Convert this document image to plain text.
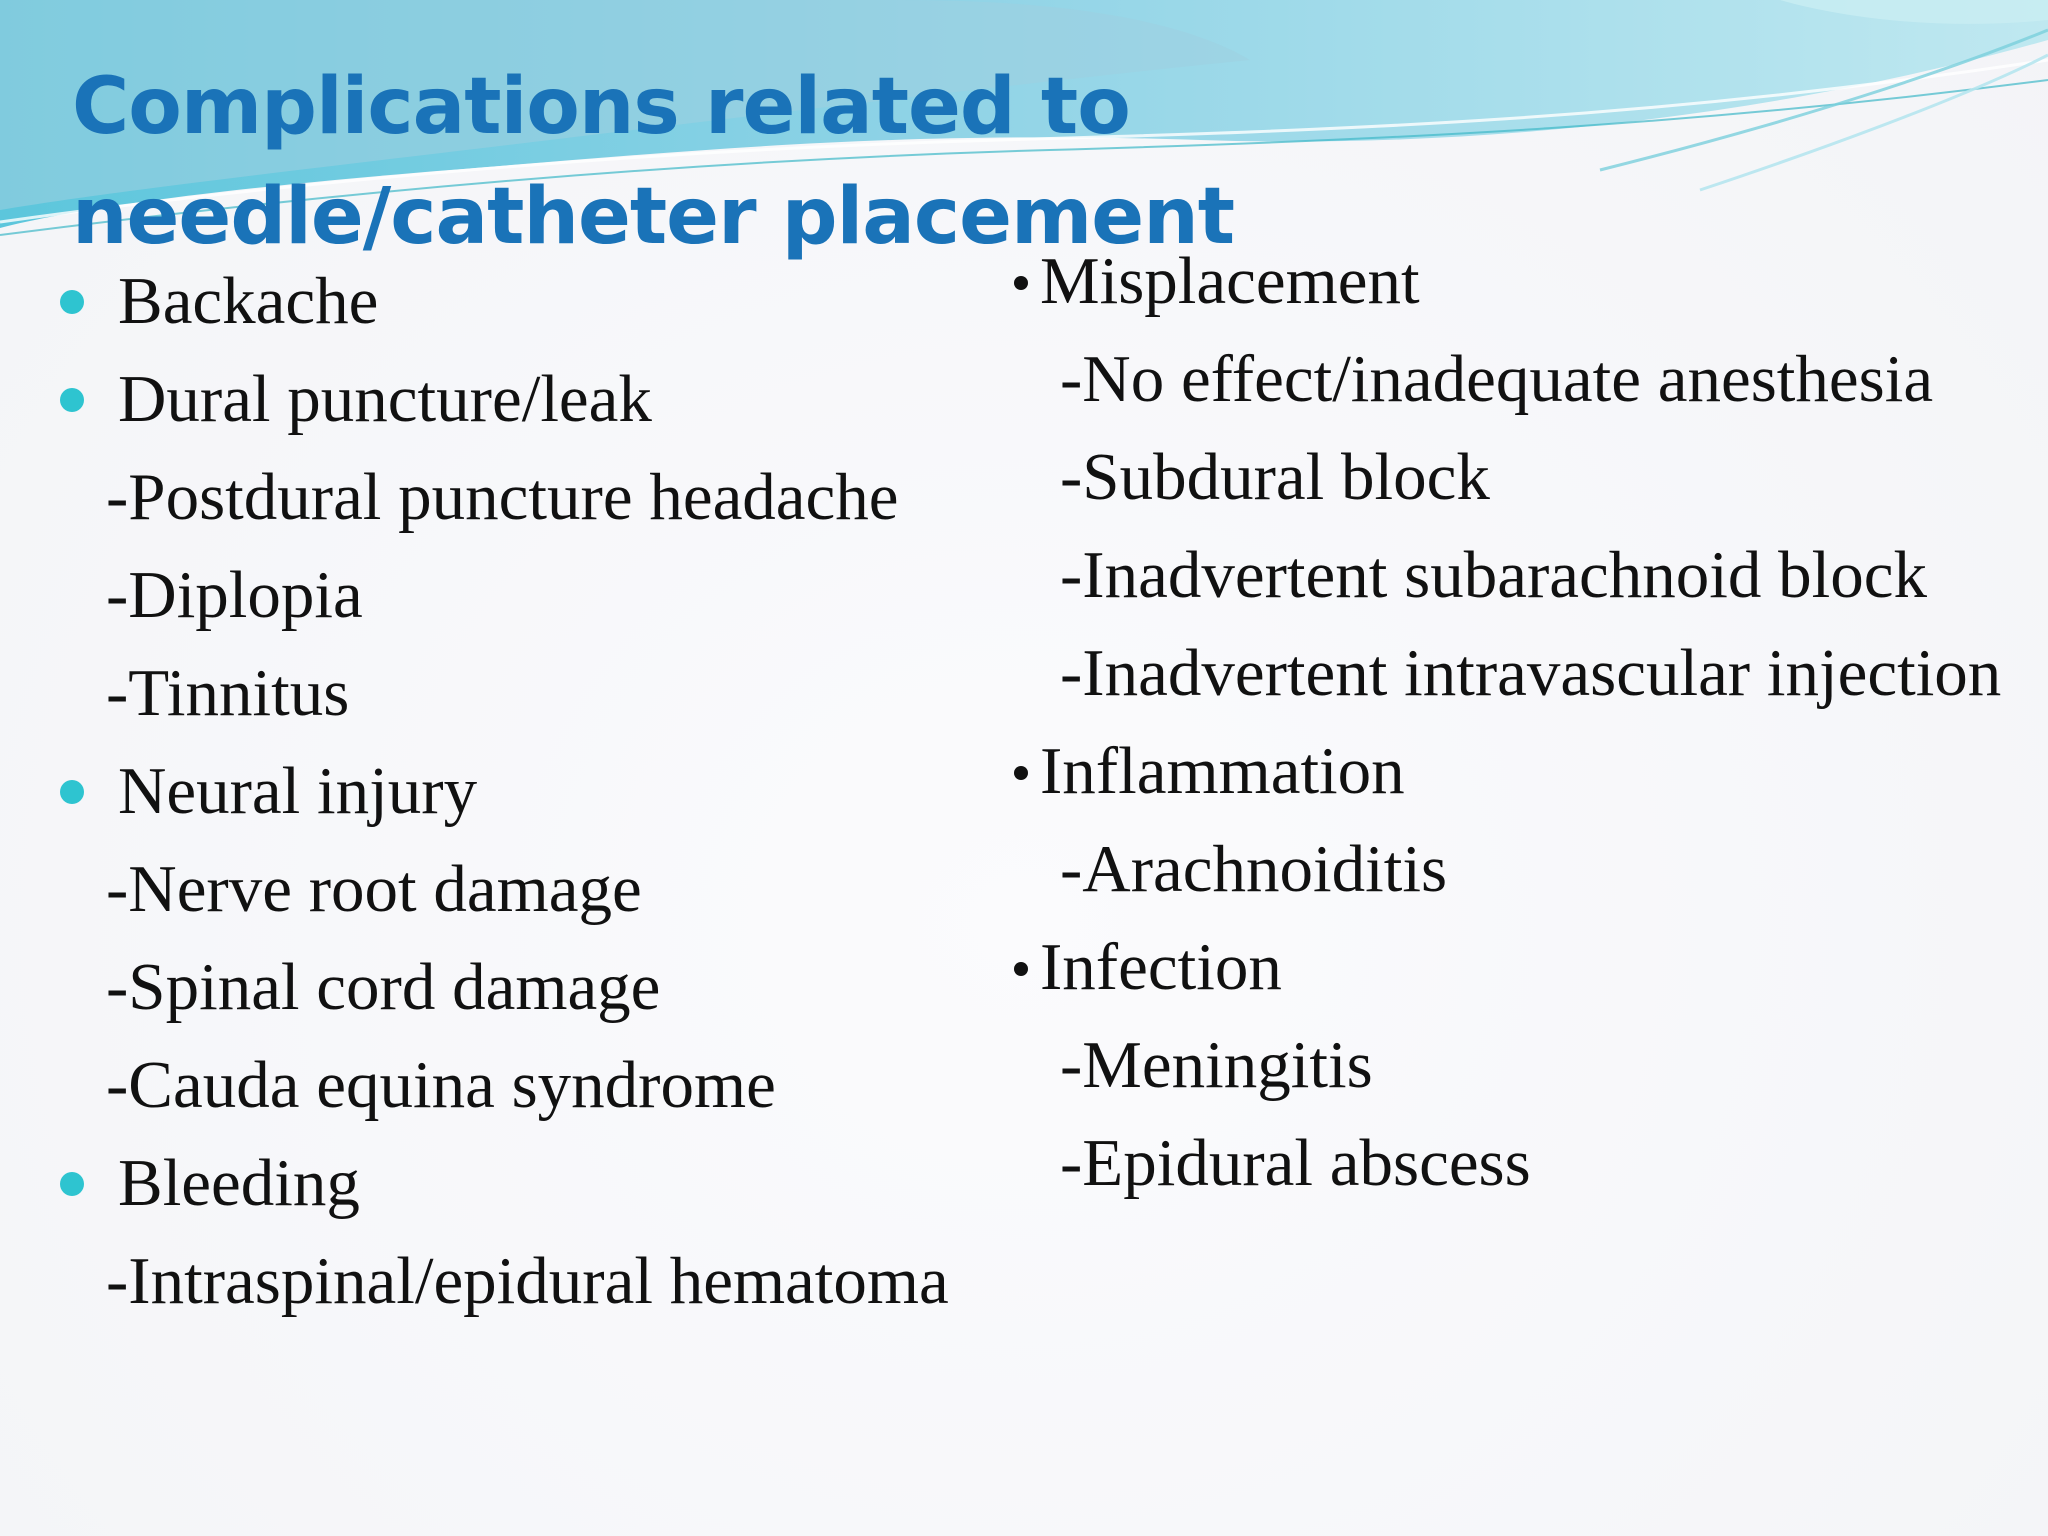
Complications related to needle/catheter placement

Backache

Dural puncture/leak

-Postdural puncture headache

-Diplopia

-Tinnitus

Neural injury

-Nerve root damage

-Spinal cord damage

-Cauda equina syndrome

Bleeding

-Intraspinal/epidural hematoma

Misplacement

-No effect/inadequate anesthesia

-Subdural block

-Inadvertent subarachnoid block

-Inadvertent intravascular injection

Inflammation

-Arachnoiditis

Infection

-Meningitis

-Epidural abscess
